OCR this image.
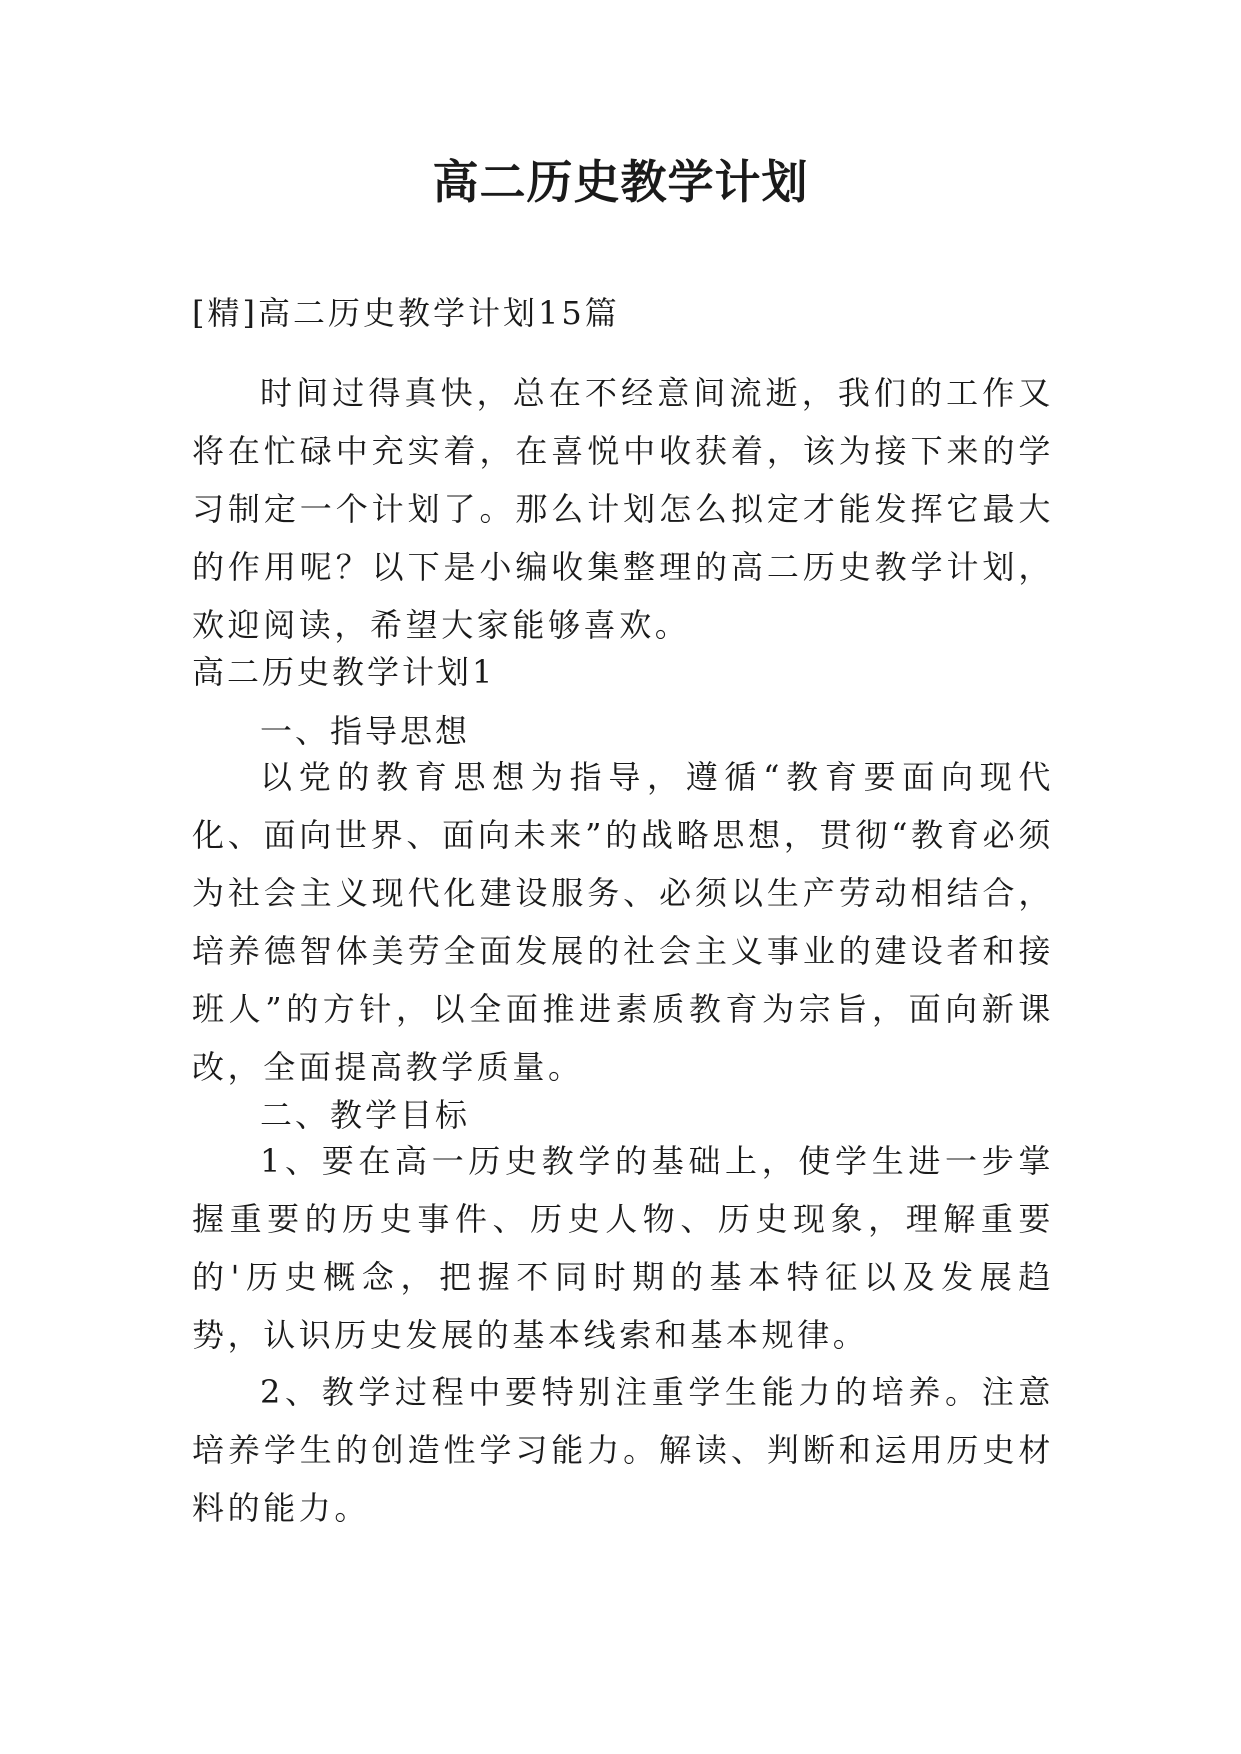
高二历史教学计划
[精]高二历史教学计划15篇

时间过得真快，总在不经意间流逝，我们的工作又将在忙碌中充实着，在喜悦中收获着，该为接下来的学习制定一个计划了。那么计划怎么拟定才能发挥它最大的作用呢？以下是小编收集整理的高二历史教学计划，欢迎阅读，希望大家能够喜欢。

高二历史教学计划1
一、指导思想

以党的教育思想为指导，遵循“教育要面向现代化、面向世界、面向未来”的战略思想，贯彻“教育必须为社会主义现代化建设服务、必须以生产劳动相结合，培养德智体美劳全面发展的社会主义事业的建设者和接班人”的方针，以全面推进素质教育为宗旨，面向新课改，全面提高教学质量。

二、教学目标

1、要在高一历史教学的基础上，使学生进一步掌握重要的历史事件、历史人物、历史现象，理解重要的'历史概念，把握不同时期的基本特征以及发展趋势，认识历史发展的基本线索和基本规律。

2、教学过程中要特别注重学生能力的培养。注意培养学生的创造性学习能力。解读、判断和运用历史材料的能力。
